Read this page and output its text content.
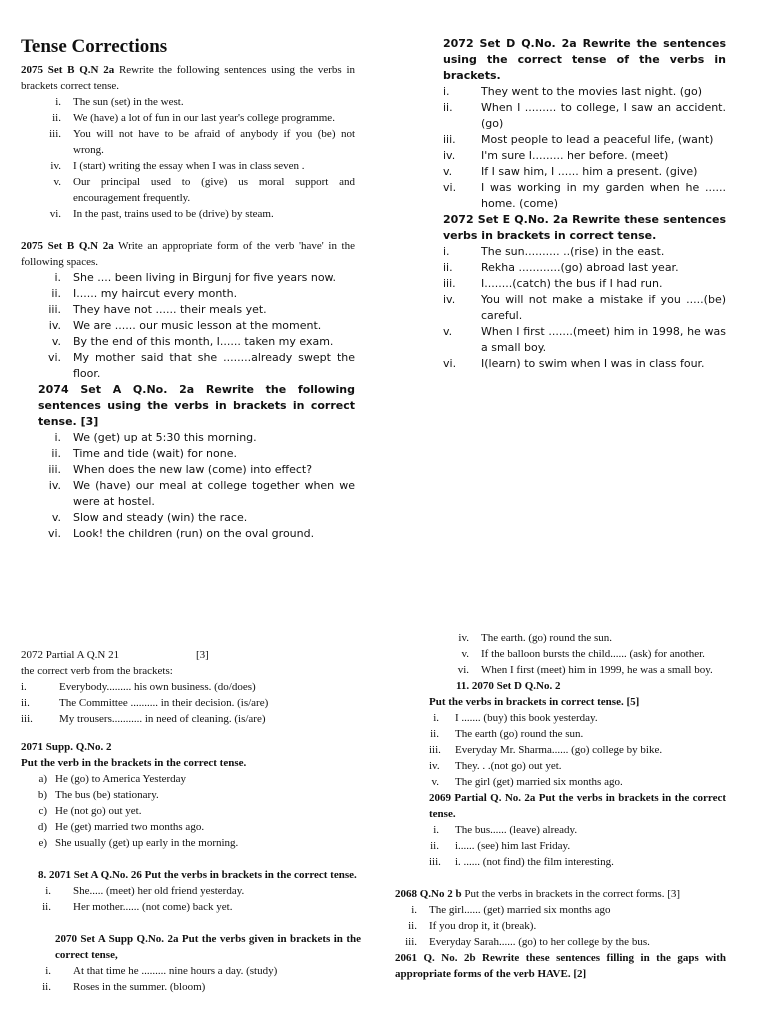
Tense Corrections

2075 Set B Q.N 2a Rewrite the following sentences using the verbs in brackets correct tense.

i.	The sun (set) in the west.
ii.	We (have) a lot of fun in our last year's college programme.
iii.	You will not have to be afraid of anybody if you (be) not wrong.
iv.	I (start) writing the essay when I was in class seven .
v.	Our principal used to (give) us moral support and encouragement frequently.
vi.	In the past, trains used to be (drive) by steam.

2075 Set B Q.N 2a Write an appropriate form of the verb 'have' in the following spaces.

i.	She .... been living in Birgunj for five years now.
ii.	I...... my haircut every month.
iii.	They have not ...... their meals yet.
iv.	We are ...... our music lesson at the moment.
v.	By the end of this month, I...... taken my exam.
vi.	My mother said that she ........already swept the floor.

2074 Set A Q.No. 2a Rewrite the following sentences using the verbs in brackets in correct tense. [3]

i.	We (get) up at 5:30 this morning.
ii.	Time and tide (wait) for none.
iii.	When does the new law (come) into effect?
iv.	We (have) our meal at college together when we were at hostel.
v.	Slow and steady (win) the race.
vi.	Look! the children (run) on the oval ground.

2072 Set D Q.No. 2a Rewrite the sentences using the correct tense of the verbs in brackets.

i.	They went to the movies last night. (go)
ii.	When I ......... to college, I saw an accident. (go)
iii.	Most people to lead a peaceful life, (want)
iv.	I'm sure I......... her before. (meet)
v.	If I saw him, I ...... him a present. (give)
vi.	I was working in my garden when he ...... home. (come)

2072 Set E Q.No. 2a Rewrite these sentences verbs in brackets in correct tense.

i.	The sun.......... ..(rise) in the east.
ii.	Rekha ............(go) abroad last year.
iii.	I........(catch) the bus if I had run.
iv.	You will not make a mistake if you .....(be) careful.
v.	When I first .......(meet) him in 1998, he was a small boy.
vi.	I(learn) to swim when I was in class four.

2072 Partial A Q.N 21	[3]

the correct verb from the brackets:

i.	Everybody......... his own business. (do/does)
ii.	The Committee .......... in their decision. (is/are)
iii.	My trousers........... in need of cleaning. (is/are)

2071 Supp. Q.No. 2

Put the verb in the brackets in the correct tense.

a) He (go) to America Yesterday
b) The bus (be) stationary.
c) He (not go) out yet.
d) He (get) married two months ago.
e) She usually (get) up early in the morning.

8. 2071 Set A Q.No. 26 Put the verbs in brackets in the correct tense.

i.	She..... (meet) her old friend yesterday.
ii.	Her mother...... (not come) back yet.

2070 Set A Supp Q.No. 2a Put the verbs given in brackets in the correct tense,

i.	At that time he ......... nine hours a day. (study)
ii.	Roses in the summer. (bloom)
iv.	The earth. (go) round the sun.
v.	If the balloon bursts the child...... (ask) for another.
vi.	When I first (meet) him in 1999, he was a small boy.

11. 2070 Set D Q.No. 2

Put the verbs in brackets in correct tense. [5]

i.	I ....... (buy) this book yesterday.
ii.	The earth (go) round the sun.
iii.	Everyday Mr. Sharma...... (go) college by bike.
iv.	They. . .(not go) out yet.
v.	The girl (get) married six months ago.

2069 Partial Q. No. 2a Put the verbs in brackets in the correct tense.

i.	The bus...... (leave) already.
ii.	i...... (see) him last Friday.
iii.	i. ...... (not find) the film interesting.

2068 Q.No 2 b Put the verbs in brackets in the correct forms. [3]

i.	The girl...... (get) married six months ago
ii.	If you drop it, it (break).
iii.	Everyday Sarah...... (go) to her college by the bus.

2061 Q. No. 2b Rewrite these sentences filling in the gaps with appropriate forms of the verb HAVE. [2]
